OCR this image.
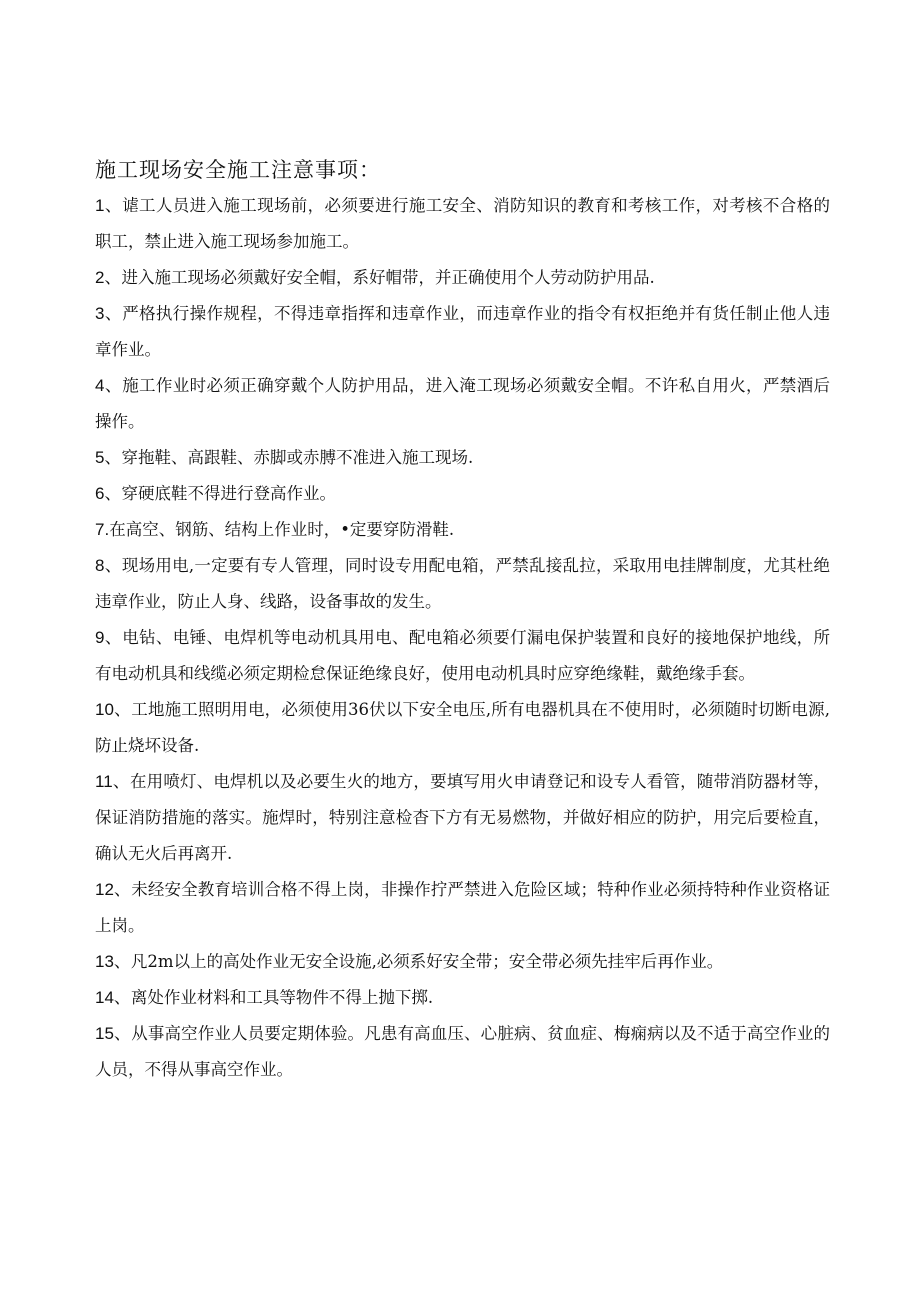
施工现场安全施工注意事项：

1、谑工人员进入施工现场前，必须要进行施工安全、消防知识的教育和考核工作，对考核不合格的职工，禁止进入施工现场参加施工。

2、进入施工现场必须戴好安全帽，系好帽带，并正确使用个人劳动防护用品.

3、严格执行操作规程，不得违章指挥和违章作业，而违章作业的指令有权拒绝并有货任制止他人违章作业。

4、施工作业时必须正确穿戴个人防护用品，进入淹工现场必须戴安全帽。不许私自用火，严禁酒后操作。

5、穿拖鞋、高跟鞋、赤脚或赤膊不准进入施工现场.

6、穿硬底鞋不得进行登高作业。

7.在高空、钢筋、结构上作业时，•定要穿防滑鞋.

8、现场用电,一定要有专人管理，同时设专用配电箱，严禁乱接乱拉，采取用电挂牌制度，尤其杜绝违章作业，防止人身、线路，设备事故的发生。

9、电钻、电锤、电焊机等电动机具用电、配电箱必须要仃漏电保护装置和良好的接地保护地线，所有电动机具和线缆必须定期检怠保证绝缘良好，使用电动机具时应穿绝缘鞋，戴绝缘手套。

10、工地施工照明用电，必须使用36伏以下安全电压,所有电器机具在不使用时，必须随时切断电源,防止烧坏设备.

11、在用喷灯、电焊机以及必要生火的地方，要填写用火申请登记和设专人看管，随带消防器材等，保证消防措施的落实。施焊时，特别注意检杳下方有无易燃物，并做好相应的防护，用完后要检直，确认无火后再离开.

12、未经安全教育培训合格不得上岗，非操作拧严禁进入危险区域；特种作业必须持特种作业资格证上岗。

13、凡2m以上的高处作业无安全设施,必须系好安全带；安全带必须先挂牢后再作业。

14、离处作业材料和工具等物件不得上抛下掷.

15、从事高空作业人员要定期体验。凡患有高血压、心脏病、贫血症、梅痫病以及不适于高空作业的人员，不得从事高空作业。
